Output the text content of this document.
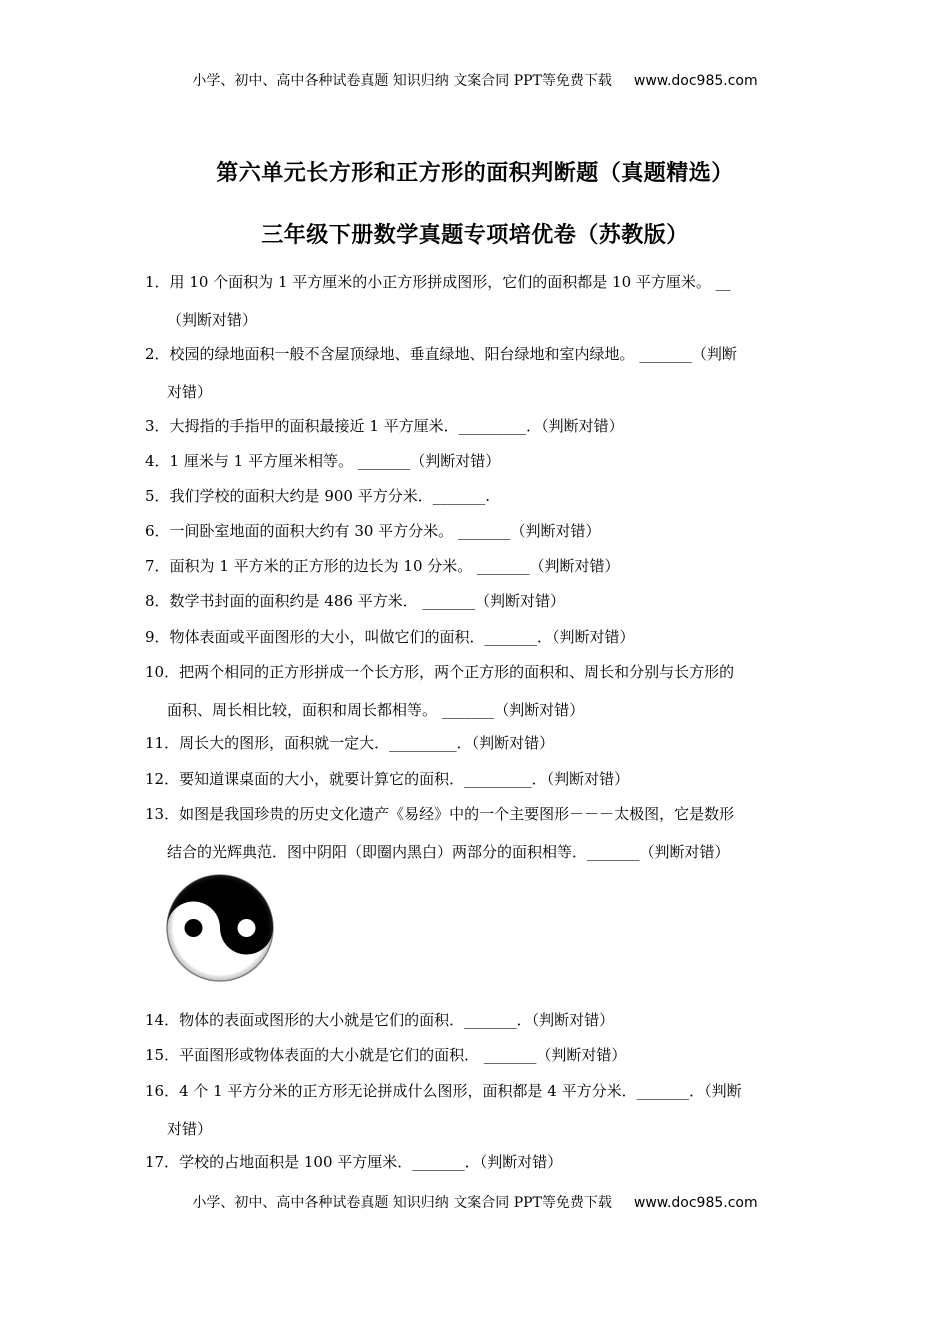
小学、初中、高中各种试卷真题 知识归纳 文案合同 PPT等免费下载 www.doc985.com
第六单元长方形和正方形的面积判断题（真题精选）
三年级下册数学真题专项培优卷（苏教版）
1．用 10 个面积为 1 平方厘米的小正方形拼成图形，它们的面积都是 10 平方厘米。 __
（判断对错）
2．校园的绿地面积一般不含屋顶绿地、垂直绿地、阳台绿地和室内绿地。 _______（判断
对错）
3．大拇指的手指甲的面积最接近 1 平方厘米．_________．（判断对错）
4．1 厘米与 1 平方厘米相等。 _______（判断对错）
5．我们学校的面积大约是 900 平方分米．_______.
6．一间卧室地面的面积大约有 30 平方分米。 _______（判断对错）
7．面积为 1 平方米的正方形的边长为 10 分米。 _______（判断对错）
8．数学书封面的面积约是 486 平方米． _______（判断对错）
9．物体表面或平面图形的大小，叫做它们的面积．_______．（判断对错）
10．把两个相同的正方形拼成一个长方形，两个正方形的面积和、周长和分别与长方形的
面积、周长相比较，面积和周长都相等。 _______（判断对错）
11．周长大的图形，面积就一定大．_________．（判断对错）
12．要知道课桌面的大小，就要计算它的面积．_________．（判断对错）
13．如图是我国珍贵的历史文化遗产《易经》中的一个主要图形－－－太极图，它是数形
结合的光辉典范．图中阴阳（即圈内黑白）两部分的面积相等．_______（判断对错）
14．物体的表面或图形的大小就是它们的面积．_______．（判断对错）
15．平面图形或物体表面的大小就是它们的面积． _______（判断对错）
16．4 个 1 平方分米的正方形无论拼成什么图形，面积都是 4 平方分米．_______．（判断
对错）
17．学校的占地面积是 100 平方厘米．_______．（判断对错）
小学、初中、高中各种试卷真题 知识归纳 文案合同 PPT等免费下载 www.doc985.com
